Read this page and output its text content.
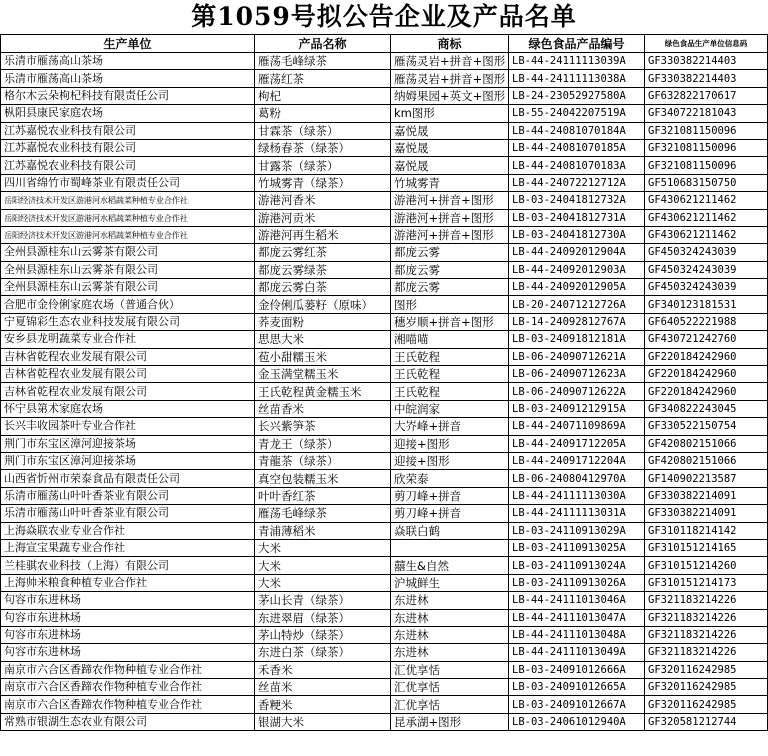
第1059号拟公告企业及产品名单
生产单位	产品名称	商标	绿色食品产品编号	绿色食品生产单位信息码
乐清市雁荡高山茶场	雁荡毛峰绿茶	雁荡灵岩+拼音+图形	LB-44-24111113039A	GF330382214403
乐清市雁荡高山茶场	雁荡红茶	雁荡灵岩+拼音+图形	LB-44-24111113038A	GF330382214403
格尔木云朵枸杞科技有限责任公司	枸杞	纳姆果园+英文+图形	LB-24-23052927580A	GF632822170617
枞阳县康民家庭农场	葛粉	km图形	LB-55-24042207519A	GF340722181043
江苏嘉悦农业科技有限公司	甘霖茶（绿茶）	嘉悦晟	LB-44-24081070184A	GF321081150096
江苏嘉悦农业科技有限公司	绿杨春茶（绿茶）	嘉悦晟	LB-44-24081070185A	GF321081150096
江苏嘉悦农业科技有限公司	甘露茶（绿茶）	嘉悦晟	LB-44-24081070183A	GF321081150096
四川省绵竹市蜀峰茶业有限责任公司	竹城雾青（绿茶）	竹城雾青	LB-44-24072212712A	GF510683150750
岳阳经济技术开发区游港河水稻蔬菜种植专业合作社	游港河香米	游港河+拼音+图形	LB-03-24041812732A	GF430621211462
岳阳经济技术开发区游港河水稻蔬菜种植专业合作社	游港河贡米	游港河+拼音+图形	LB-03-24041812731A	GF430621211462
岳阳经济技术开发区游港河水稻蔬菜种植专业合作社	游港河再生稻米	游港河+拼音+图形	LB-03-24041812730A	GF430621211462
全州县源桂东山云雾茶有限公司	都庞云雾红茶	都庞云雾	LB-44-24092012904A	GF450324243039
全州县源桂东山云雾茶有限公司	都庞云雾绿茶	都庞云雾	LB-44-24092012903A	GF450324243039
全州县源桂东山云雾茶有限公司	都庞云雾白茶	都庞云雾	LB-44-24092012905A	GF450324243039
合肥市金伶俐家庭农场（普通合伙）	金伶俐瓜蒌籽（原味）	图形	LB-20-24071212726A	GF340123181531
宁夏锦彩生态农业科技发展有限公司	荞麦面粉	穗岁顺+拼音+图形	LB-14-24092812767A	GF640522221988
安乡县龙明蔬菜专业合作社	思思大米	湘喵喵	LB-03-24091812181A	GF430721242760
吉林省乾程农业发展有限公司	苞小甜糯玉米	王氏乾程	LB-06-24090712621A	GF220184242960
吉林省乾程农业发展有限公司	金玉满堂糯玉米	王氏乾程	LB-06-24090712623A	GF220184242960
吉林省乾程农业发展有限公司	王氏乾程黄金糯玉米	王氏乾程	LB-06-24090712622A	GF220184242960
怀宁县第术家庭农场	丝苗香米	中皖润家	LB-03-24091212915A	GF340822243045
长兴丰收园茶叶专业合作社	长兴紫笋茶	大岕峰+拼音	LB-44-24071109869A	GF330522150754
荆门市东宝区漳河迎接茶场	青龙王（绿茶）	迎接+图形	LB-44-24091712205A	GF420802151066
荆门市东宝区漳河迎接茶场	青龍茶（绿茶）	迎接+图形	LB-44-24091712204A	GF420802151066
山西省忻州市荣泰食品有限责任公司	真空包装糯玉米	欣荣泰	LB-06-24080412970A	GF140902213587
乐清市雁荡山叶叶香茶业有限公司	叶叶香红茶	剪刀峰+拼音	LB-44-24111113030A	GF330382214091
乐清市雁荡山叶叶香茶业有限公司	雁荡毛峰绿茶	剪刀峰+拼音	LB-44-24111113031A	GF330382214091
上海焱联农业专业合作社	青浦薄稻米	焱联白鹤	LB-03-24110913029A	GF310118214142
上海宣宝果蔬专业合作社	大米		LB-03-24110913025A	GF310151214165
兰桂骐农业科技（上海）有限公司	大米	囍生&自然	LB-03-24110913024A	GF310151214260
上海帅米粮食种植专业合作社	大米	沪城鲜生	LB-03-24110913026A	GF310151214173
句容市东进林场	茅山长青（绿茶）	东进林	LB-44-24111013046A	GF321183214226
句容市东进林场	东进翠眉（绿茶）	东进林	LB-44-24111013047A	GF321183214226
句容市东进林场	茅山特炒（绿茶）	东进林	LB-44-24111013048A	GF321183214226
句容市东进林场	东进白茶（绿茶）	东进林	LB-44-24111013049A	GF321183214226
南京市六合区香蹄农作物种植专业合作社	禾香米	汇优享恬	LB-03-24091012666A	GF320116242985
南京市六合区香蹄农作物种植专业合作社	丝苗米	汇优享恬	LB-03-24091012665A	GF320116242985
南京市六合区香蹄农作物种植专业合作社	香粳米	汇优享恬	LB-03-24091012667A	GF320116242985
常熟市银湖生态农业有限公司	银湖大米	昆承湖+图形	LB-03-24061012940A	GF320581212744
